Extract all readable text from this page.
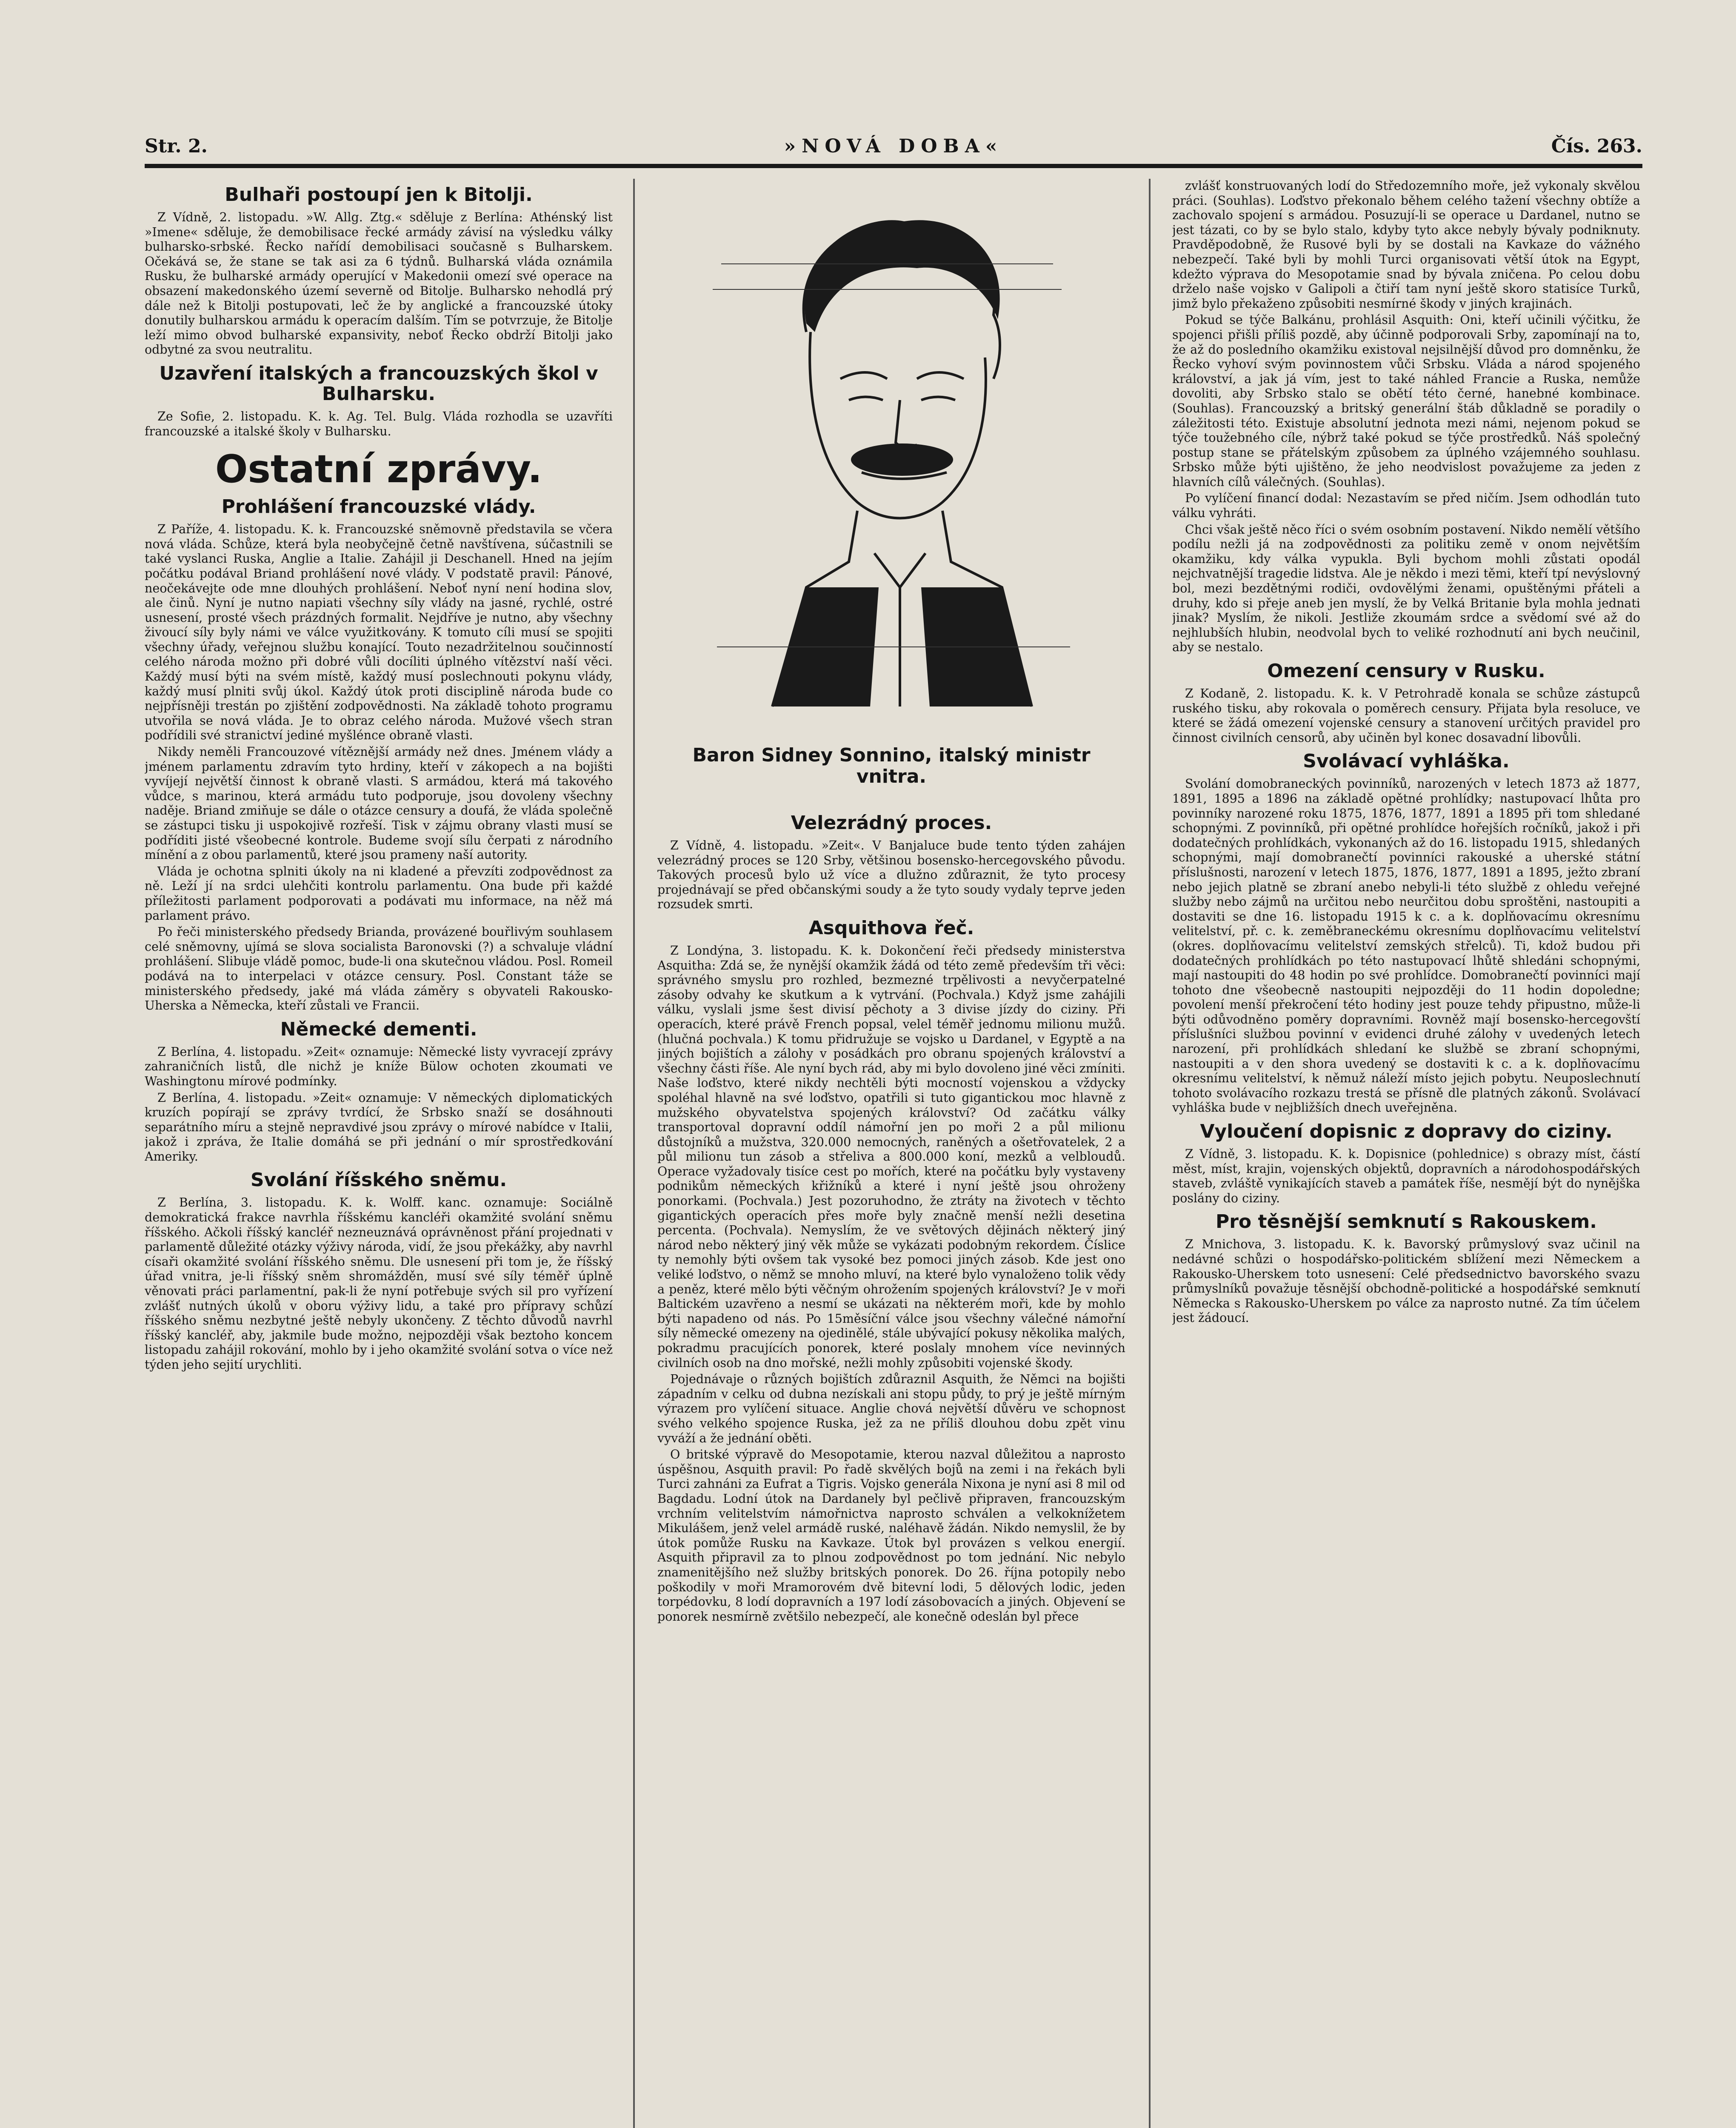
Str. 2.	»NOVÁ DOBA«	Čís. 263.
Bulhaři postoupí jen k Bitolji.

Z Vídně, 2. listopadu. »W. Allg. Ztg.« sděluje z Berlína: Athénský list »Imene« sděluje, že demobilisace řecké armády závisí na výsledku války bulharsko-srbské. Řecko nařídí demobilisaci současně s Bulharskem. Očekává se, že stane se tak asi za 6 týdnů. Bulharská vláda oznámila Rusku, že bulharské armády operující v Makedonii omezí své operace na obsazení makedonského území severně od Bitolje. Bulharsko nehodlá prý dále než k Bitolji postupovati, leč že by anglické a francouzské útoky donutily bulharskou armádu k operacím dalším. Tím se potvrzuje, že Bitolje leží mimo obvod bulharské expansivity, neboť Řecko obdrží Bitolji jako odbytné za svou neutralitu.

Uzavření italských a francouzských škol v Bulharsku.

Ze Sofie, 2. listopadu. K. k. Ag. Tel. Bulg. Vláda rozhodla se uzavříti francouzské a italské školy v Bulharsku.

Ostatní zprávy.
Prohlášení francouzské vlády.

Z Paříže, 4. listopadu. K. k. Francouzské sněmovně představila se včera nová vláda. Schůze, která byla neobyčejně četně navštívena, súčastnili se také vyslanci Ruska, Anglie a Italie. Zahájil ji Deschanell. Hned na jejím počátku podával Briand prohlášení nové vlády. V podstatě pravil: Pánové, neočekávejte ode mne dlouhých prohlášení. Neboť nyní není hodina slov, ale činů. Nyní je nutno napiati všechny síly vlády na jasné, rychlé, ostré usnesení, prosté všech prázdných formalit. Nejdříve je nutno, aby všechny živoucí síly byly námi ve válce využitkovány. K tomuto cíli musí se spojiti všechny úřady, veřejnou službu konající. Touto nezadržitelnou součinností celého národa možno při dobré vůli docíliti úplného vítězství naší věci. Každý musí býti na svém místě, každý musí poslechnouti pokynu vlády, každý musí plniti svůj úkol. Každý útok proti disciplině národa bude co nejpřísněji trestán po zjištění zodpovědnosti. Na základě tohoto programu utvořila se nová vláda. Je to obraz celého národa. Mužové všech stran podřídili své stranictví jediné myšlénce obraně vlasti.

Nikdy neměli Francouzové vítěznější armády než dnes. Jménem vlády a jménem parlamentu zdravím tyto hrdiny, kteří v zákopech a na bojišti vyvíjejí největší činnost k obraně vlasti. S armádou, která má takového vůdce, s marinou, která armádu tuto podporuje, jsou dovoleny všechny naděje. Briand zmiňuje se dále o otázce censury a doufá, že vláda společně se zástupci tisku ji uspokojivě rozřeší. Tisk v zájmu obrany vlasti musí se podříditi jisté všeobecné kontrole. Budeme svojí sílu čerpati z národního mínění a z obou parlamentů, které jsou prameny naší autority.

Vláda je ochotna splniti úkoly na ni kladené a převzíti zodpovědnost za ně. Leží jí na srdci ulehčiti kontrolu parlamentu. Ona bude při každé příležitosti parlament podporovati a podávati mu informace, na něž má parlament právo.

Po řeči ministerského předsedy Brianda, provázené bouřlivým souhlasem celé sněmovny, ujímá se slova socialista Baronovski (?) a schvaluje vládní prohlášení. Slibuje vládě pomoc, bude-li ona skutečnou vládou. Posl. Romeil podává na to interpelaci v otázce censury. Posl. Constant táže se ministerského předsedy, jaké má vláda záměry s obyvateli Rakousko-Uherska a Německa, kteří zůstali ve Francii.

Německé dementi.

Z Berlína, 4. listopadu. »Zeit« oznamuje: Německé listy vyvracejí zprávy zahraničních listů, dle nichž je kníže Bülow ochoten zkoumati ve Washingtonu mírové podmínky.

Z Berlína, 4. listopadu. »Zeit« oznamuje: V německých diplomatických kruzích popírají se zprávy tvrdící, že Srbsko snaží se dosáhnouti separátního míru a stejně nepravdivé jsou zprávy o mírové nabídce v Italii, jakož i zpráva, že Italie domáhá se při jednání o mír sprostředkování Ameriky.

Svolání říšského sněmu.

Z Berlína, 3. listopadu. K. k. Wolff. kanc. oznamuje: Sociálně demokratická frakce navrhla říšskému kancléři okamžité svolání sněmu říšského. Ačkoli říšský kancléř nezneuznává oprávněnost přání projednati v parlamentě důležité otázky výživy národa, vidí, že jsou překážky, aby navrhl císaři okamžité svolání říšského sněmu. Dle usnesení při tom je, že říšský úřad vnitra, je-li říšský sněm shromážděn, musí své síly téměř úplně věnovati práci parlamentní, pak-li že nyní potřebuje svých sil pro vyřízení zvlášť nutných úkolů v oboru výživy lidu, a také pro přípravy schůzí říšského sněmu nezbytné ještě nebyly ukončeny. Z těchto důvodů navrhl říšský kancléř, aby, jakmile bude možno, nejpozději však beztoho koncem listopadu zahájil rokování, mohlo by i jeho okamžité svolání sotva o více než týden jeho sejití urychliti.

Baron Sidney Sonnino, italský ministr vnitra.
Velezrádný proces.

Z Vídně, 4. listopadu. »Zeit«. V Banjaluce bude tento týden zahájen velezrádný proces se 120 Srby, většinou bosensko-hercegovského původu. Takových procesů bylo už více a dlužno zdůraznit, že tyto procesy projednávají se před občanskými soudy a že tyto soudy vydaly teprve jeden rozsudek smrti.

Asquithova řeč.

Z Londýna, 3. listopadu. K. k. Dokončení řeči předsedy ministerstva Asquitha: Zdá se, že nynější okamžik žádá od této země především tři věci: správného smyslu pro rozhled, bezmezné trpělivosti a nevyčerpatelné zásoby odvahy ke skutkum a k vytrvání. (Pochvala.) Když jsme zahájili válku, vyslali jsme šest divisí pěchoty a 3 divise jízdy do ciziny. Při operacích, které právě French popsal, velel téměř jednomu milionu mužů. (hlučná pochvala.) K tomu přidružuje se vojsko u Dardanel, v Egyptě a na jiných bojištích a zálohy v posádkách pro obranu spojených království a všechny části říše. Ale nyní bych rád, aby mi bylo dovoleno jiné věci zmíniti. Naše loďstvo, které nikdy nechtěli býti mocností vojenskou a vždycky spoléhal hlavně na své loďstvo, opatřili si tuto gigantickou moc hlavně z mužského obyvatelstva spojených království? Od začátku války transportoval dopravní oddíl námořní jen po moři 2 a půl milionu důstojníků a mužstva, 320.000 nemocných, raněných a ošetřovatelek, 2 a půl milionu tun zásob a střeliva a 800.000 koní, mezků a velbloudů. Operace vyžadovaly tisíce cest po mořích, které na počátku byly vystaveny podnikům německých křižníků a které i nyní ještě jsou ohroženy ponorkami. (Pochvala.) Jest pozoruhodno, že ztráty na životech v těchto gigantických operacích přes moře byly značně menší nežli desetina percenta. (Pochvala). Nemyslím, že ve světových dějinách některý jiný národ nebo některý jiný věk může se vykázati podobným rekordem. Číslice ty nemohly býti ovšem tak vysoké bez pomoci jiných zásob. Kde jest ono veliké loďstvo, o němž se mnoho mluví, na které bylo vynaloženo tolik vědy a peněz, které mělo býti věčným ohrožením spojených království? Je v moři Baltickém uzavřeno a nesmí se ukázati na některém moři, kde by mohlo býti napadeno od nás. Po 15měsíční válce jsou všechny válečné námořní síly německé omezeny na ojedinělé, stále ubývající pokusy několika malých, pokradmu pracujících ponorek, které poslaly mnohem více nevinných civilních osob na dno mořské, nežli mohly způsobiti vojenské škody.

Pojednávaje o různých bojištích zdůraznil Asquith, že Němci na bojišti západním v celku od dubna nezískali ani stopu půdy, to prý je ještě mírným výrazem pro vylíčení situace. Anglie chová největší důvěru ve schopnost svého velkého spojence Ruska, jež za ne příliš dlouhou dobu zpět vinu vyváží a že jednání oběti.

O britské výpravě do Mesopotamie, kterou nazval důležitou a naprosto úspěšnou, Asquith pravil: Po řadě skvělých bojů na zemi i na řekách byli Turci zahnáni za Eufrat a Tigris. Vojsko generála Nixona je nyní asi 8 mil od Bagdadu. Lodní útok na Dardanely byl pečlivě připraven, francouzským vrchním velitelstvím námořnictva naprosto schválen a velkoknížetem Mikulášem, jenž velel armádě ruské, naléhavě žádán. Nikdo nemyslil, že by útok pomůže Rusku na Kavkaze. Útok byl provázen s velkou energií. Asquith připravil za to plnou zodpovědnost po tom jednání. Nic nebylo znamenitějšího než služby britských ponorek. Do 26. října potopily nebo poškodily v moři Mramorovém dvě bitevní lodi, 5 dělových lodic, jeden torpédovku, 8 lodí dopravních a 197 lodí zásobovacích a jiných. Objevení se ponorek nesmírně zvětšilo nebezpečí, ale konečně odeslán byl přece

zvlášť konstruovaných lodí do Středozemního moře, jež vykonaly skvělou práci. (Souhlas). Loďstvo překonalo během celého tažení všechny obtíže a zachovalo spojení s armádou. Posuzují-li se operace u Dardanel, nutno se jest tázati, co by se bylo stalo, kdyby tyto akce nebyly bývaly podniknuty. Pravděpodobně, že Rusové byli by se dostali na Kavkaze do vážného nebezpečí. Také byli by mohli Turci organisovati větší útok na Egypt, kdežto výprava do Mesopotamie snad by bývala zničena. Po celou dobu drželo naše vojsko v Galipoli a čtiří tam nyní ještě skoro statisíce Turků, jimž bylo překaženo způsobiti nesmírné škody v jiných krajinách.

Pokud se týče Balkánu, prohlásil Asquith: Oni, kteří učinili výčitku, že spojenci přišli příliš pozdě, aby účinně podporovali Srby, zapomínají na to, že až do posledního okamžiku existoval nejsilnější důvod pro domněnku, že Řecko vyhoví svým povinnostem vůči Srbsku. Vláda a národ spojeného království, a jak já vím, jest to také náhled Francie a Ruska, nemůže dovoliti, aby Srbsko stalo se obětí této černé, hanebné kombinace. (Souhlas). Francouzský a britský generální štáb důkladně se poradily o záležitosti této. Existuje absolutní jednota mezi námi, nejenom pokud se týče toužebného cíle, nýbrž také pokud se týče prostředků. Náš společný postup stane se přátelským způsobem za úplného vzájemného souhlasu. Srbsko může býti ujištěno, že jeho neodvislost považujeme za jeden z hlavních cílů válečných. (Souhlas).

Po vylíčení financí dodal: Nezastavím se před ničím. Jsem odhodlán tuto válku vyhráti.

Chci však ještě něco říci o svém osobním postavení. Nikdo nemělí většího podílu nežli já na zodpovědnosti za politiku země v onom největším okamžiku, kdy válka vypukla. Byli bychom mohli zůstati opodál nejchvatnější tragedie lidstva. Ale je někdo i mezi těmi, kteří tpí nevýslovný bol, mezi bezdětnými rodiči, ovdovělými ženami, opuštěnými přáteli a druhy, kdo si přeje aneb jen myslí, že by Velká Britanie byla mohla jednati jinak? Myslím, že nikoli. Jestliže zkoumám srdce a svědomí své až do nejhlubších hlubin, neodvolal bych to veliké rozhodnutí ani bych neučinil, aby se nestalo.

Omezení censury v Rusku.

Z Kodaně, 2. listopadu. K. k. V Petrohradě konala se schůze zástupců ruského tisku, aby rokovala o poměrech censury. Přijata byla resoluce, ve které se žádá omezení vojenské censury a stanovení určitých pravidel pro činnost civilních censorů, aby učiněn byl konec dosavadní libovůli.

Svolávací vyhláška.

Svolání domobraneckých povinníků, narozených v letech 1873 až 1877, 1891, 1895 a 1896 na základě opětné prohlídky; nastupovací lhůta pro povinníky narozené roku 1875, 1876, 1877, 1891 a 1895 při tom shledané schopnými. Z povinníků, při opětné prohlídce hořejších ročníků, jakož i při dodatečných prohlídkách, vykonaných až do 16. listopadu 1915, shledaných schopnými, mají domobranečtí povinníci rakouské a uherské státní příslušnosti, narození v letech 1875, 1876, 1877, 1891 a 1895, ježto zbraní nebo jejich platně se zbraní anebo nebyli-li této službě z ohledu veřejné služby nebo zájmů na určitou nebo neurčitou dobu sproštěni, nastoupiti a dostaviti se dne 16. listopadu 1915 k c. a k. doplňovacímu okresnímu velitelství, př. c. k. zeměbraneckému okresnímu doplňovacímu velitelství (okres. doplňovacímu velitelství zemských střelců). Ti, kdož budou při dodatečných prohlídkách po této nastupovací lhůtě shledáni schopnými, mají nastoupiti do 48 hodin po své prohlídce. Domobranečtí povinníci mají tohoto dne všeobecně nastoupiti nejpozději do 11 hodin dopoledne; povolení menší překročení této hodiny jest pouze tehdy připustno, může-li býti odůvodněno poměry dopravními. Rovněž mají bosensko-hercegovští příslušníci službou povinní v evidenci druhé zálohy v uvedených letech narození, při prohlídkách shledaní ke službě se zbraní schopnými, nastoupiti a v den shora uvedený se dostaviti k c. a k. doplňovacímu okresnímu velitelství, k němuž náleží místo jejich pobytu. Neuposlechnutí tohoto svolávacího rozkazu trestá se přísně dle platných zákonů. Svolávací vyhláška bude v nejbližších dnech uveřejněna.

Vyloučení dopisnic z dopravy do ciziny.

Z Vídně, 3. listopadu. K. k. Dopisnice (pohlednice) s obrazy míst, částí měst, míst, krajin, vojenských objektů, dopravních a národohospodářských staveb, zvláště vynikajících staveb a památek říše, nesmějí být do nynějška poslány do ciziny.

Pro těsnější semknutí s Rakouskem.

Z Mnichova, 3. listopadu. K. k. Bavorský průmyslový svaz učinil na nedávné schůzi o hospodářsko-politickém sblížení mezi Německem a Rakousko-Uherskem toto usnesení: Celé předsednictvo bavorského svazu průmyslníků považuje těsnější obchodně-politické a hospodářské semknutí Německa s Rakousko-Uherskem po válce za naprosto nutné. Za tím účelem jest žádoucí.
